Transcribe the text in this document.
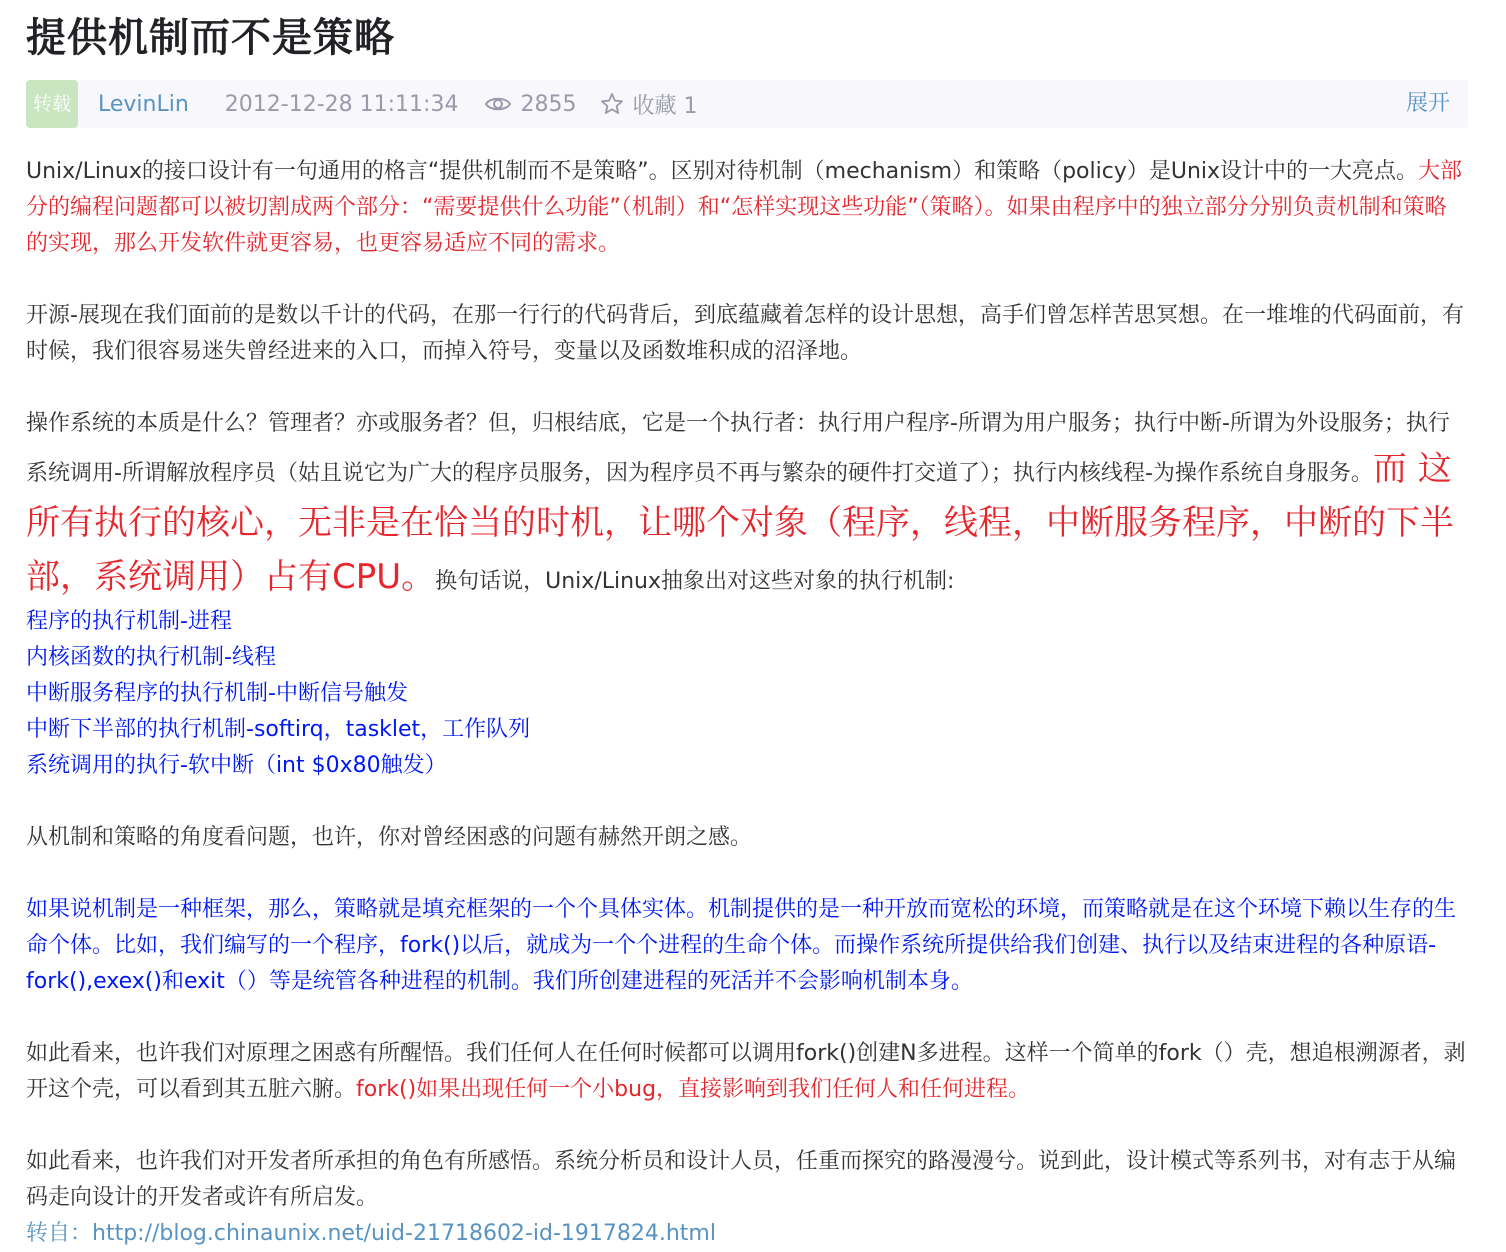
提供机制而不是策略
转载	LevinLin 2012-12-28 11:11:34	2855	收藏 1	展开

Unix/Linux的接口设计有一句通用的格言“提供机制而不是策略”。区别对待机制（mechanism）和策略（policy）是Unix设计中的一大亮点。大部分的编程问题都可以被切割成两个部分：“需要提供什么功能”（机制）和“怎样实现这些功能”（策略）。如果由程序中的独立部分分别负责机制和策略的实现，那么开发软件就更容易，也更容易适应不同的需求。

开源-展现在我们面前的是数以千计的代码，在那一行行的代码背后，到底蕴藏着怎样的设计思想，高手们曾怎样苦思冥想。在一堆堆的代码面前，有时候，我们很容易迷失曾经进来的入口，而掉入符号，变量以及函数堆积成的沼泽地。

操作系统的本质是什么？管理者？亦或服务者？但，归根结底，它是一个执行者：执行用户程序-所谓为用户服务；执行中断-所谓为外设服务；执行 系统调用-所谓解放程序员（姑且说它为广大的程序员服务，因为程序员不再与繁杂的硬件打交道了）；执行内核线程-为操作系统自身服务。而 这所有执行的核心，无非是在恰当的时机，让哪个对象（程序，线程，中断服务程序，中断的下半部，系统调用）占有CPU。换句话说，Unix/Linux抽象出对这些对象的执行机制:

程序的执行机制-进程

内核函数的执行机制-线程

中断服务程序的执行机制-中断信号触发

中断下半部的执行机制-softirq，tasklet，工作队列

系统调用的执行-软中断（int $0x80触发）

从机制和策略的角度看问题，也许，你对曾经困惑的问题有赫然开朗之感。

如果说机制是一种框架，那么，策略就是填充框架的一个个具体实体。机制提供的是一种开放而宽松的环境，而策略就是在这个环境下赖以生存的生命个体。比如，我们编写的一个程序，fork()以后，就成为一个个进程的生命个体。而操作系统所提供给我们创建、执行以及结束进程的各种原语-fork(),exex()和exit（）等是统管各种进程的机制。我们所创建进程的死活并不会影响机制本身。

如此看来，也许我们对原理之困惑有所醒悟。我们任何人在任何时候都可以调用fork()创建N多进程。这样一个简单的fork（）壳，想追根溯源者，剥开这个壳，可以看到其五脏六腑。fork()如果出现任何一个小bug，直接影响到我们任何人和任何进程。

如此看来，也许我们对开发者所承担的角色有所感悟。系统分析员和设计人员，任重而探究的路漫漫兮。说到此，设计模式等系列书，对有志于从编码走向设计的开发者或许有所启发。

转自：http://blog.chinaunix.net/uid-21718602-id-1917824.html
